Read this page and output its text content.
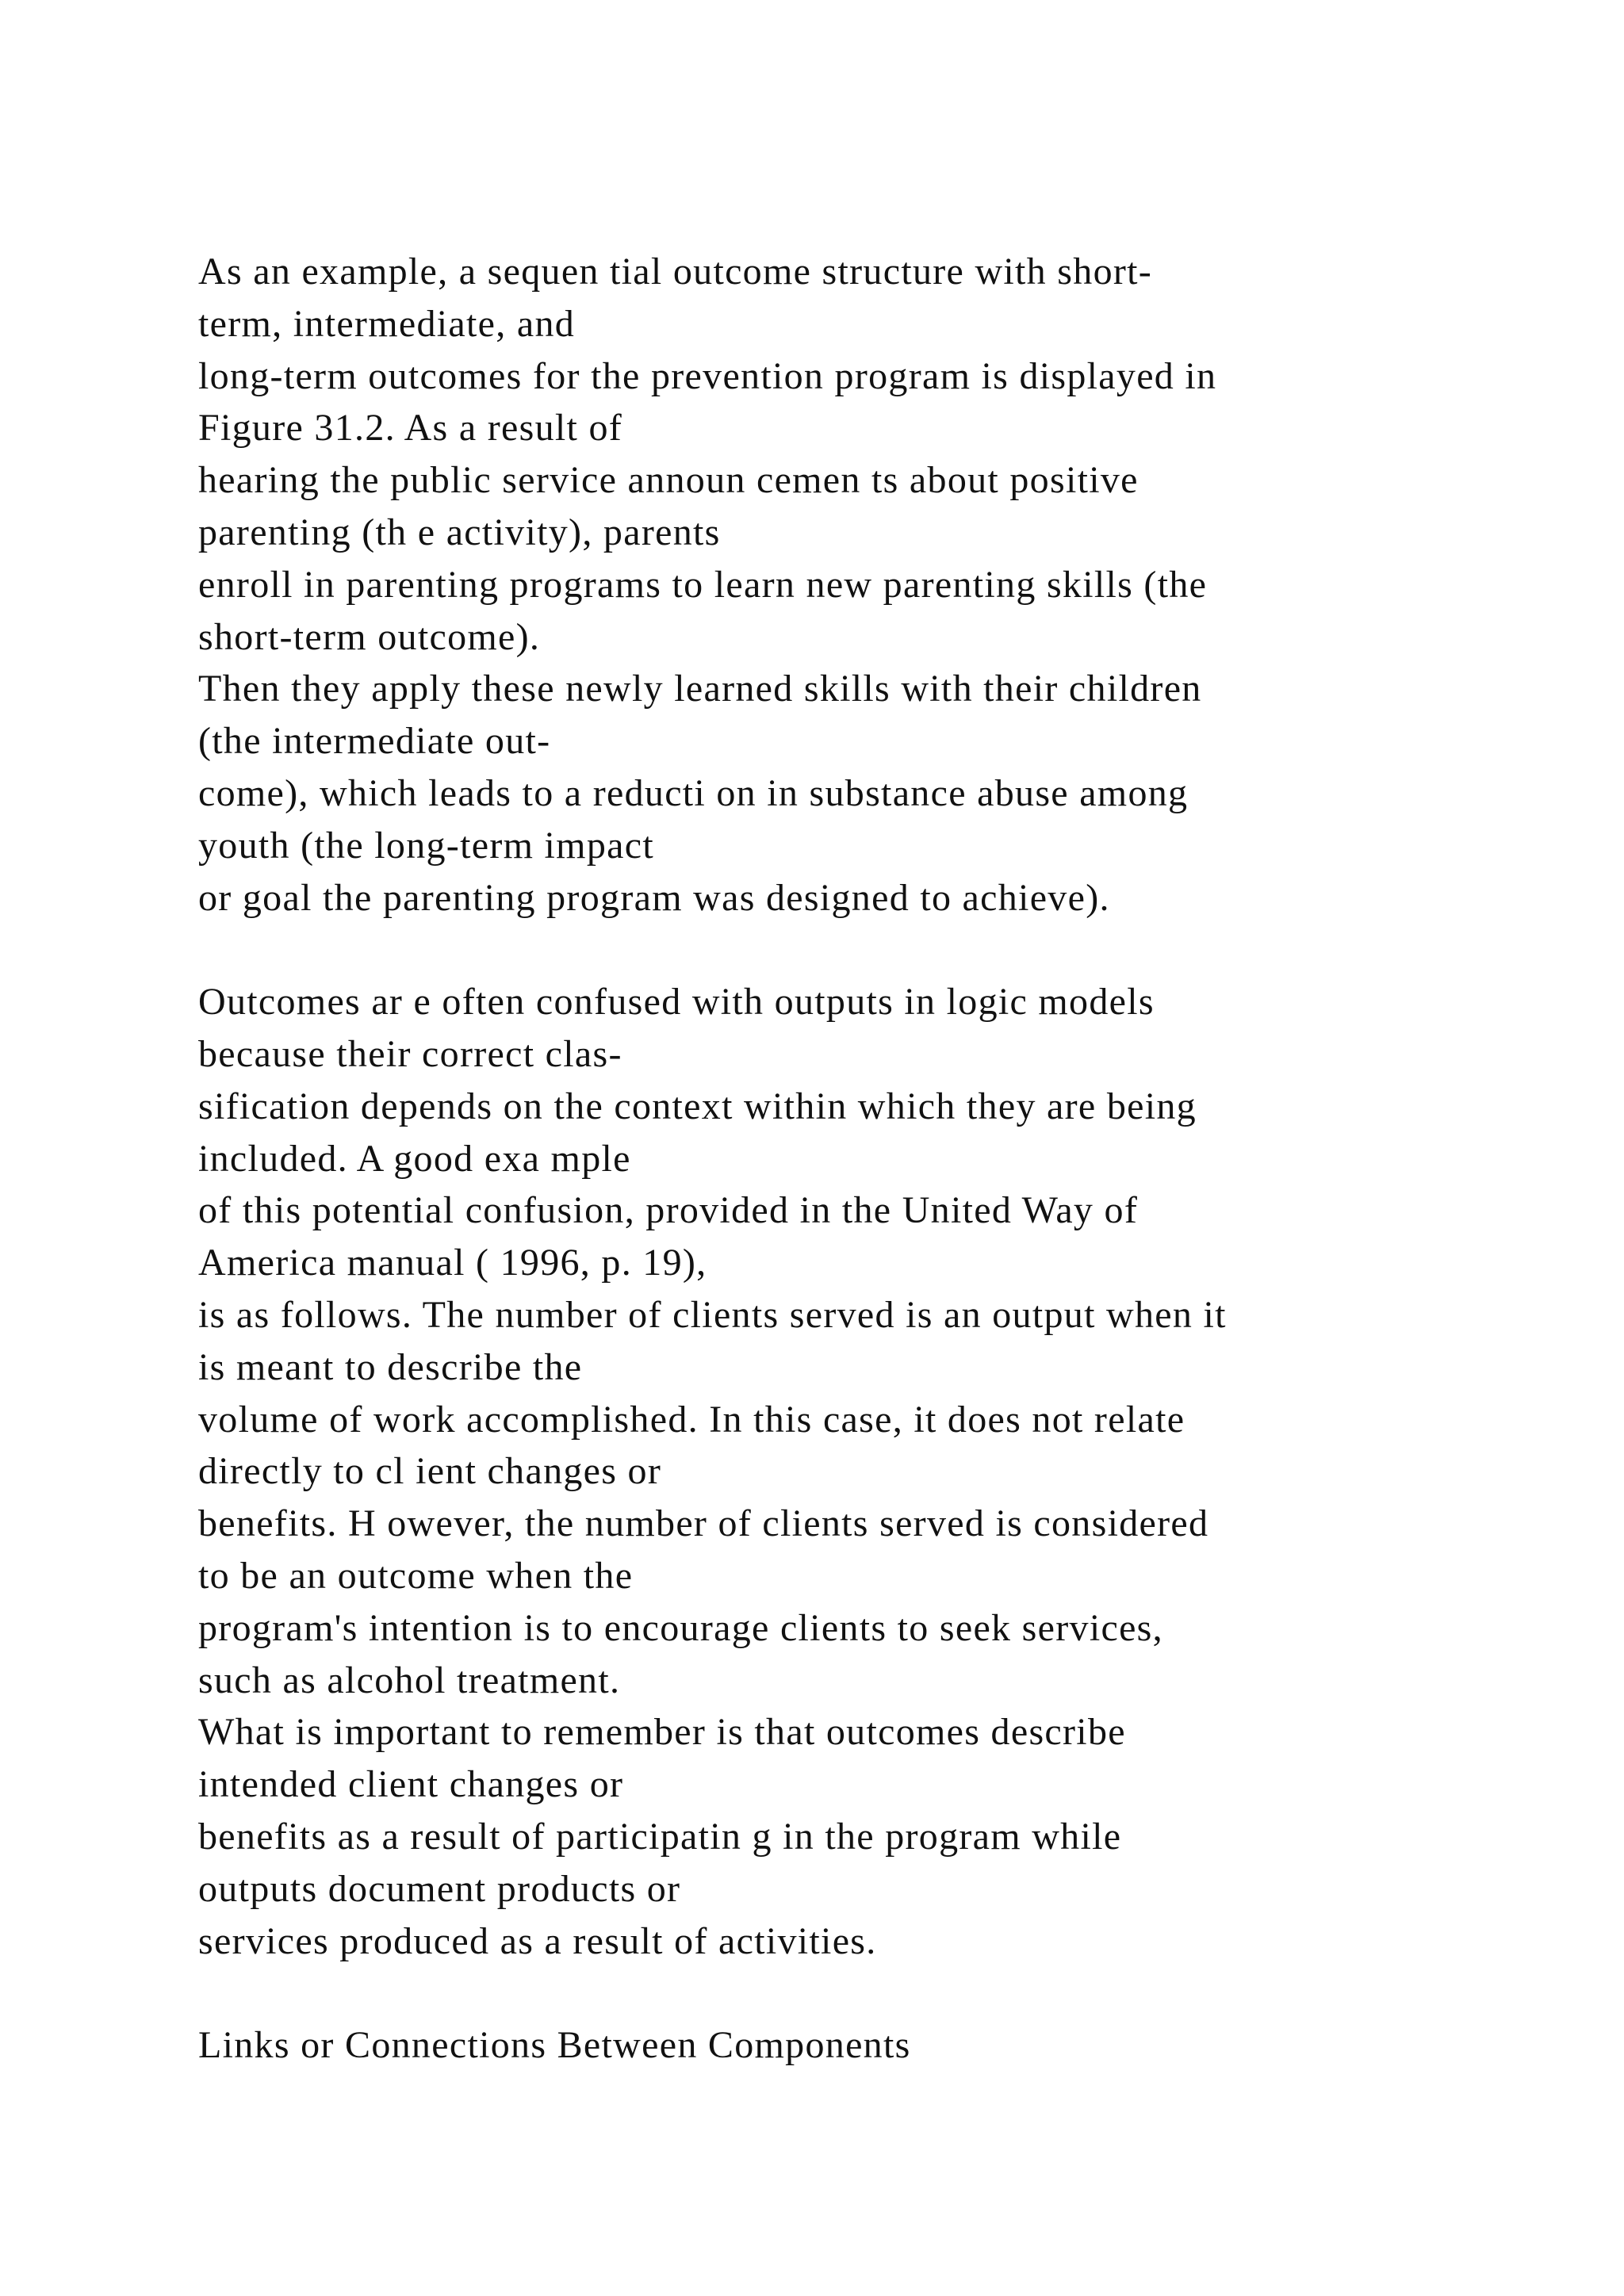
As an example, a sequen tial outcome structure with short-
term, intermediate, and
long-term outcomes for the prevention program is displayed in
Figure 31.2. As a result of
hearing the public service announ cemen ts about positive
parenting (th e activity), parents
enroll in parenting programs to learn new parenting skills (the
short-term outcome).
Then they apply these newly learned skills with their children
(the intermediate out-
come), which leads to a reducti on in substance abuse among
youth (the long-term impact
or goal the parenting program was designed to achieve).
Outcomes ar e often confused with outputs in logic models
because their correct clas-
sification depends on the context within which they are being
included. A good exa mple
of this potential confusion, provided in the United Way of
America manual ( 1996, p. 19),
is as follows. The number of clients served is an output when it
is meant to describe the
volume of work accomplished. In this case, it does not relate
directly to cl ient changes or
benefits. H owever, the number of clients served is considered
to be an outcome when the
program's intention is to encourage clients to seek services,
such as alcohol treatment.
What is important to remember is that outcomes describe
intended client changes or
benefits as a result of participatin g in the program while
outputs document products or
services produced as a result of activities.
Links or Connections Between Components
